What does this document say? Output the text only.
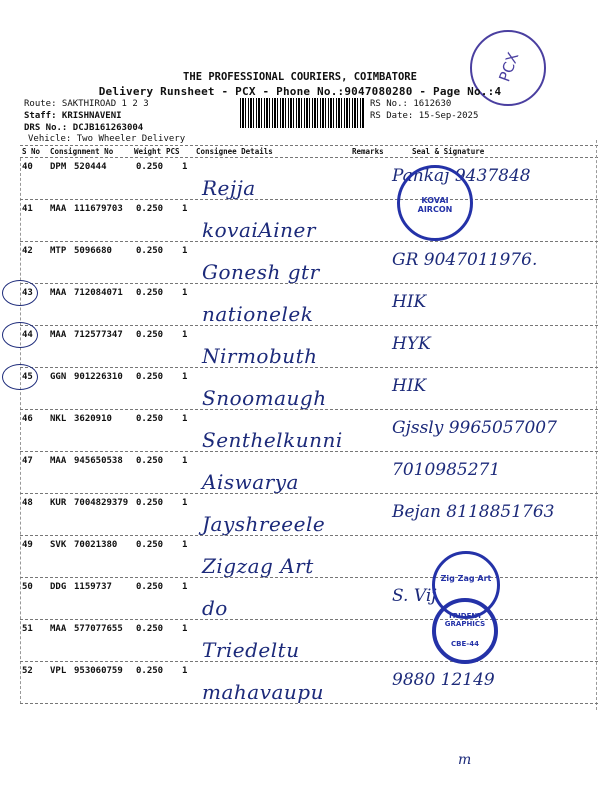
PCX
THE PROFESSIONAL COURIERS, COIMBATORE
Delivery Runsheet - PCX - Phone No.:9047080280 - Page No.:4
Route: SAKTHIROAD 1 2 3
Staff: KRISHNAVENI
DRS No.: DCJB161263004
Vehicle: Two Wheeler Delivery
RS No.: 1612630
RS Date: 15-Sep-2025
S No Consignment No	Weight PCS Consignee Details	Remarks	Seal & Signature
40 DPM 520444	0.250 1
Rejja	Pankaj 9437848
41 MAA 111679703 0.250 1
kovaiAiner
42 MTP 5096680	0.250 1
Gonesh gtr	GR 9047011976.
43 MAA 712084071 0.250 1
nationelek	HIK
44 MAA 712577347 0.250 1
Nirmobuth	HYK
45 GGN 901226310 0.250 1
Snoomaugh	HIK
46 NKL 3620910	0.250 1
Senthelkunni	Gjssly 9965057007
47 MAA 945650538 0.250 1
Aiswarya	7010985271
48 KUR 7004829379 0.250 1
Jayshreeele	Bejan 8118851763
49 SVK 70021380 0.250 1
Zigzag Art
50 DDG 1159737	0.250 1
do	S. Vij
51 MAA 577077655 0.250 1
Triedeltu
52 VPL 953060759 0.250 1
mahavaupu	9880 12149
KOVAI AIRCON
Zig Zag Art
TRIDENT GRAPHICS
CBE-44
m
